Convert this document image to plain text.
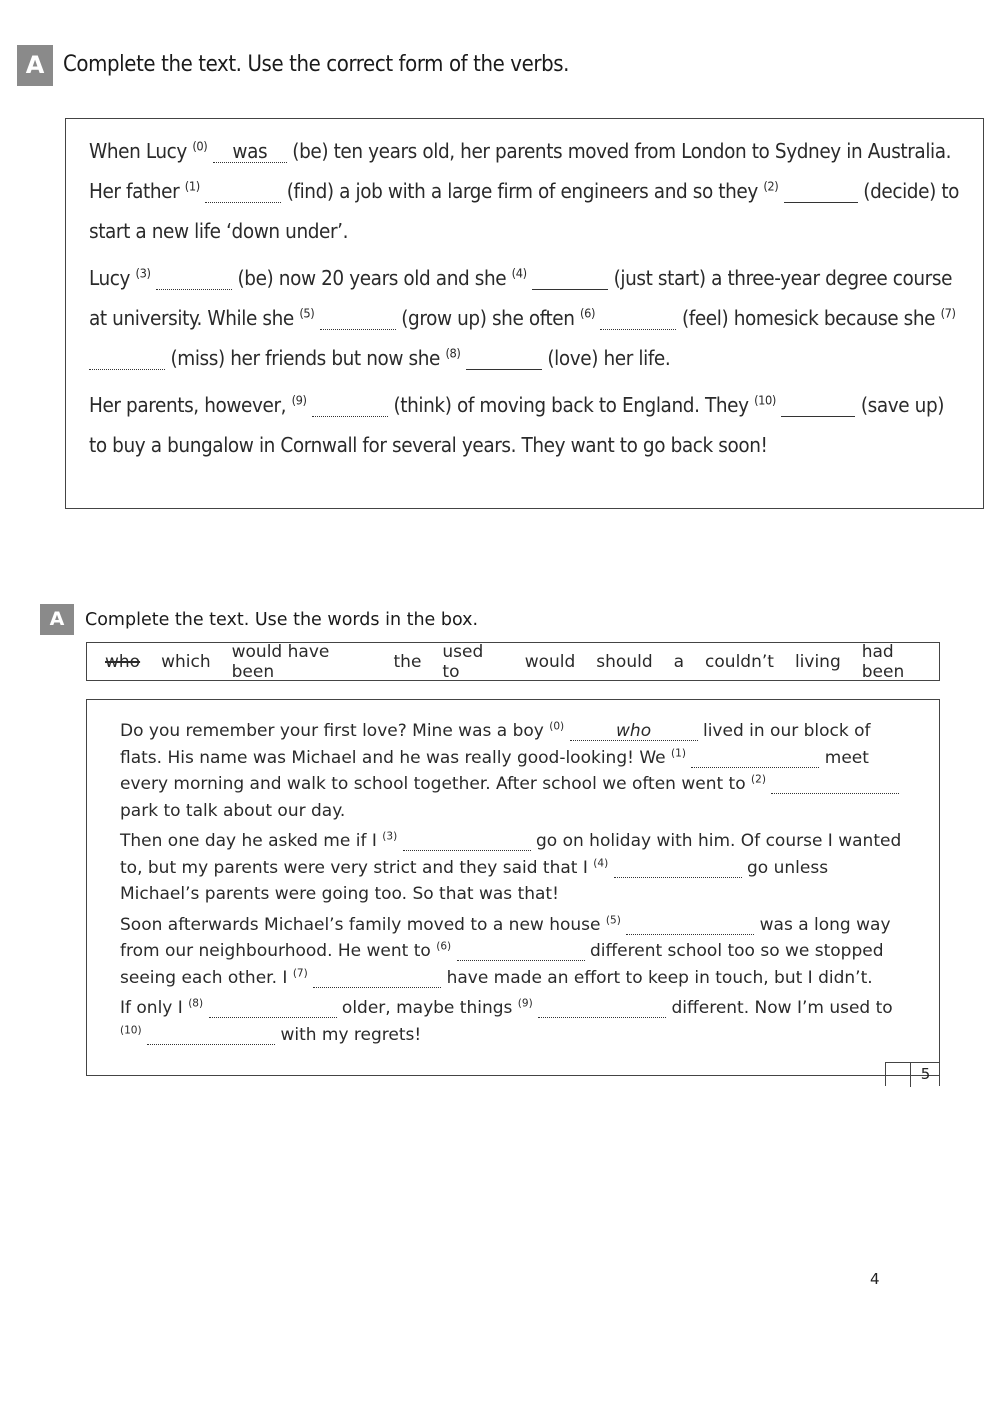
A Complete the text. Use the correct form of the verbs.

When Lucy $^{(0)}$ was (be) ten years old, her parents moved from London to Sydney in Australia. Her father $^{(1)}$	(find) a job with a large firm of engineers and so they $^{(2)}$	(decide) to start a new life ‘down under’.

Lucy $^{(3)}$	(be) now 20 years old and she $^{(4)}$	(just start) a three-year degree course at university. While she $^{(5)}$	(grow up) she often $^{(6)}$	(feel) homesick because she $^{(7)}$   (miss) her friends but now she $^{(8)}$	(love) her life.

Her parents, however, $^{(9)}$	(think) of moving back to England. They $^{(10)}$	(save up) to buy a bungalow in Cornwall for several years. They want to go back soon!

A	Complete the text. Use the words in the box.
who which would have been	the used to	would should a couldn’t living had been

Do you remember your first love? Mine was a boy $^{(0)}$	who	lived in our block of flats. His name was Michael and he was really good-looking! We $^{(1)}$	meet every morning and walk to school together. After school we often went to $^{(2)}$   park to talk about our day.

Then one day he asked me if I $^{(3)}$	go on holiday with him. Of course I wanted to, but my parents were very strict and they said that I $^{(4)}$	go unless Michael’s parents were going too. So that was that!

Soon afterwards Michael’s family moved to a new house $^{(5)}$	was a long way from our neighbourhood. He went to $^{(6)}$	different school too so we stopped seeing each other. I $^{(7)}$	have made an effort to keep in touch, but I didn’t.

If only I $^{(8)}$	older, maybe things $^{(9)}$	different. Now I’m used to $^{(10)}$	with my regrets!

5
4
